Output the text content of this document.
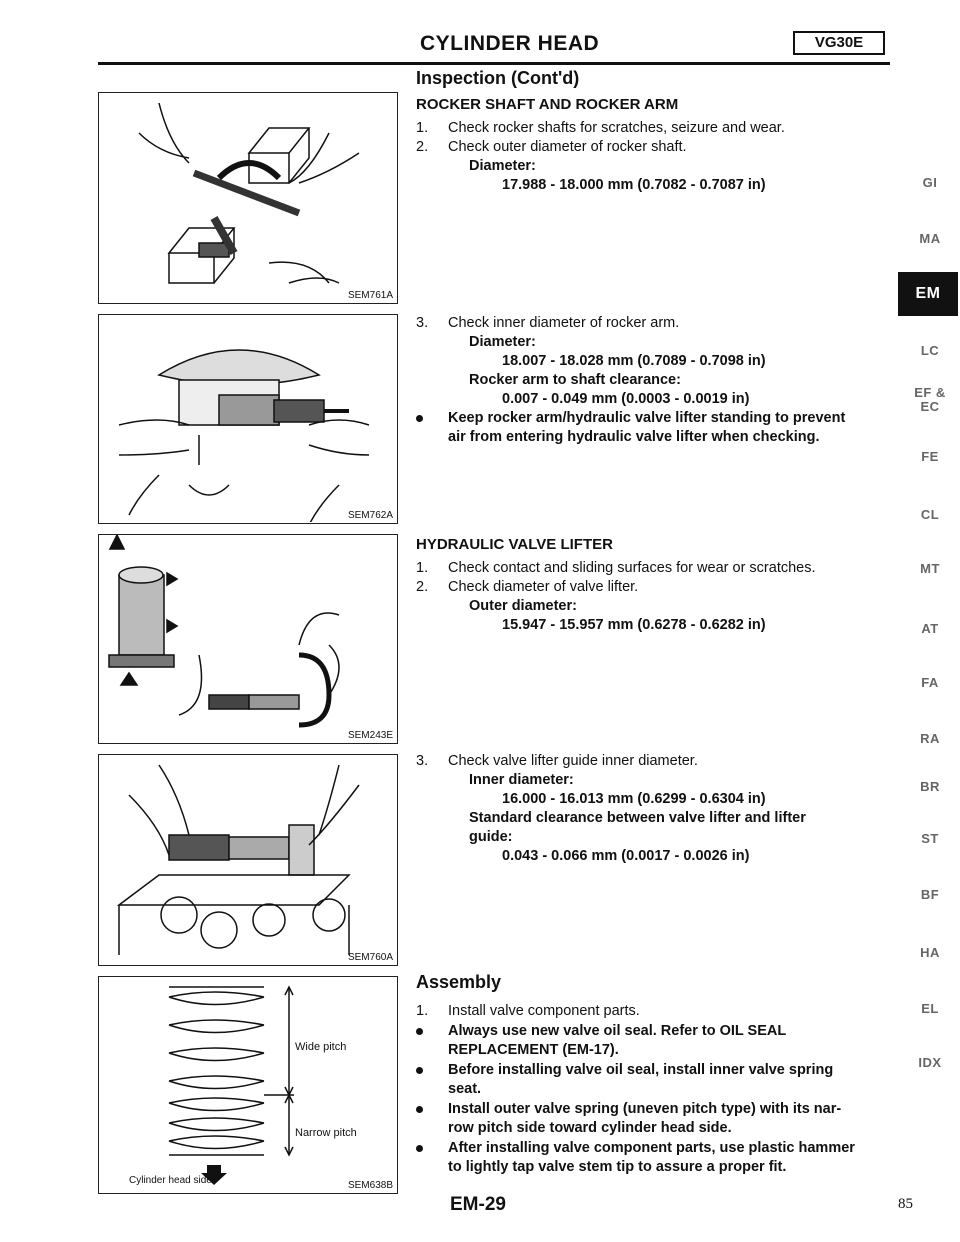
CYLINDER HEAD	VG30E
SEM761A
SEM762A
SEM243E
SEM760A
Wide pitch
Narrow pitch
Cylinder head side	SEM638B
Inspection (Cont'd)
ROCKER SHAFT AND ROCKER ARM
1. Check rocker shafts for scratches, seizure and wear.
2. Check outer diameter of rocker shaft.
Diameter:
17.988 - 18.000 mm (0.7082 - 0.7087 in)
3. Check inner diameter of rocker arm.
Diameter:
18.007 - 18.028 mm (0.7089 - 0.7098 in)
Rocker arm to shaft clearance:
0.007 - 0.049 mm (0.0003 - 0.0019 in)
Keep rocker arm/hydraulic valve lifter standing to prevent
air from entering hydraulic valve lifter when checking.
HYDRAULIC VALVE LIFTER
1. Check contact and sliding surfaces for wear or scratches.
2. Check diameter of valve lifter.
Outer diameter:
15.947 - 15.957 mm (0.6278 - 0.6282 in)
3. Check valve lifter guide inner diameter.
Inner diameter:
16.000 - 16.013 mm (0.6299 - 0.6304 in)
Standard clearance between valve lifter and lifter
guide:
0.043 - 0.066 mm (0.0017 - 0.0026 in)
Assembly
1. Install valve component parts.
Always use new valve oil seal. Refer to OIL SEAL
REPLACEMENT (EM-17).
Before installing valve oil seal, install inner valve spring
seat.
Install outer valve spring (uneven pitch type) with its nar-
row pitch side toward cylinder head side.
After installing valve component parts, use plastic hammer
to lightly tap valve stem tip to assure a proper fit.
GI
MA
EM
LC
EF &
EC
FE
CL
MT
AT
FA
RA
BR
ST
BF
HA
EL
IDX
EM-29	85
